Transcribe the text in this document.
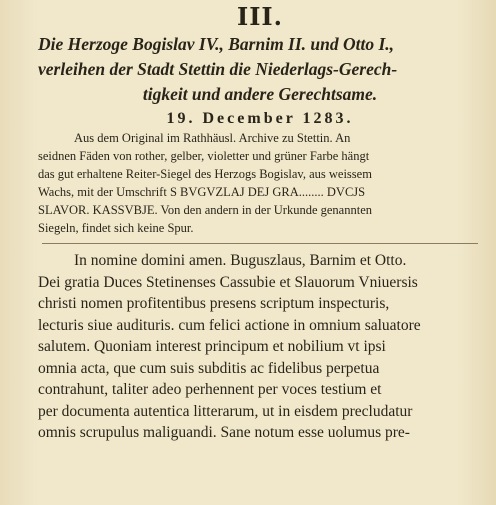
III.
Die Herzoge Bogislav IV., Barnim II. und Otto I.,
verleihen der Stadt Stettin die Niederlags-Gerech-
tigkeit und andere Gerechtsame.
19. December 1283.
Aus dem Original im Rathhäusl. Archive zu Stettin. An
seidnen Fäden von rother, gelber, violetter und grüner Farbe hängt
das gut erhaltene Reiter-Siegel des Herzogs Bogislav, aus weissem
Wachs, mit der Umschrift S BVGVZLAJ DEJ GRA........ DVCJS
SLAVOR. KASSVBJE. Von den andern in der Urkunde genannten
Siegeln, findet sich keine Spur.
In nomine domini amen. Buguszlaus, Barnim et Otto.
Dei gratia Duces Stetinenses Cassubie et Slauorum Vniuersis
christi nomen profitentibus presens scriptum inspecturis,
lecturis siue audituris. cum felici actione in omnium saluatore
salutem. Quoniam interest principum et nobilium vt ipsi
omnia acta, que cum suis subditis ac fidelibus perpetua
contrahunt, taliter adeo perhennent per voces testium et
per documenta autentica litterarum, ut in eisdem precludatur
omnis scrupulus maliguandi. Sane notum esse uolumus pre-
